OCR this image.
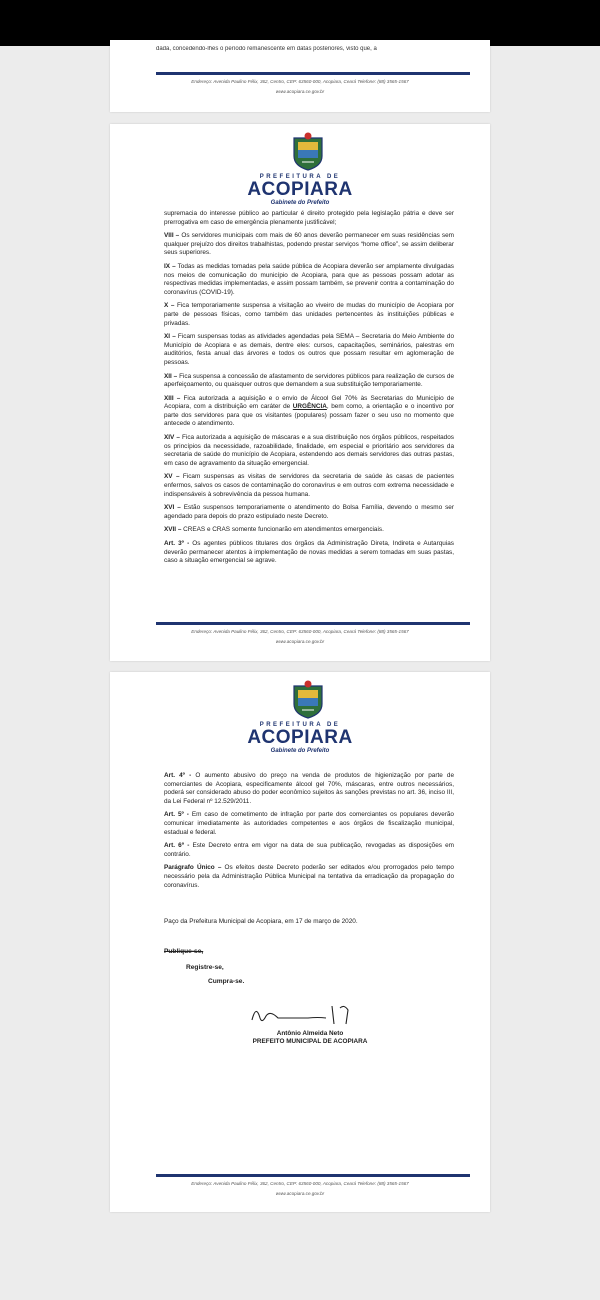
dada, concedendo-lhes o período remanescente em datas posteriores, visto que, a
Endereço: Avenida Paulino Félix, 362, Centro, CEP: 63560-000, Acopiara, Ceará Telefone: (88) 3565-1567
www.acopiara.ce.gov.br
PREFEITURA DE
ACOPIARA
Gabinete do Prefeito

supremacia do interesse público ao particular é direito protegido pela legislação pátria e deve ser prerrogativa em caso de emergência plenamente justificável;

VIII – Os servidores municipais com mais de 60 anos deverão permanecer em suas residências sem qualquer prejuízo dos direitos trabalhistas, podendo prestar serviços “home office”, se assim deliberar seus superiores.

IX – Todas as medidas tomadas pela saúde pública de Acopiara deverão ser amplamente divulgadas nos meios de comunicação do município de Acopiara, para que as pessoas possam adotar as respectivas medidas implementadas, e assim possam também, se prevenir contra a contaminação do coronavírus (COVID-19).

X – Fica temporariamente suspensa a visitação ao viveiro de mudas do município de Acopiara por parte de pessoas físicas, como também das unidades pertencentes às instituições públicas e privadas.

XI – Ficam suspensas todas as atividades agendadas pela SEMA – Secretaria do Meio Ambiente do Município de Acopiara e as demais, dentre eles: cursos, capacitações, seminários, palestras em auditórios, festa anual das árvores e todos os outros que possam resultar em aglomeração de pessoas.

XII – Fica suspensa a concessão de afastamento de servidores públicos para realização de cursos de aperfeiçoamento, ou quaisquer outros que demandem a sua substituição temporariamente.

XIII – Fica autorizada a aquisição e o envio de Álcool Gel 70% às Secretarias do Município de Acopiara, com a distribuição em caráter de URGÊNCIA, bem como, a orientação e o incentivo por parte dos servidores para que os visitantes (populares) possam fazer o seu uso no momento que antecede o atendimento.

XIV – Fica autorizada a aquisição de máscaras e a sua distribuição nos órgãos públicos, respeitados os princípios da necessidade, razoabilidade, finalidade, em especial e prioritário aos servidores da secretaria de saúde do município de Acopiara, estendendo aos demais servidores das outras pastas, em caso de agravamento da situação emergencial.

XV – Ficam suspensas as visitas de servidores da secretaria de saúde às casas de pacientes enfermos, salvos os casos de contaminação do coronavírus e em outros com extrema necessidade e indispensáveis à sobrevivência da pessoa humana.

XVI – Estão suspensos temporariamente o atendimento do Bolsa Família, devendo o mesmo ser agendado para depois do prazo estipulado neste Decreto.

XVII – CREAS e CRAS somente funcionarão em atendimentos emergenciais.

Art. 3º - Os agentes públicos titulares dos órgãos da Administração Direta, Indireta e Autarquias deverão permanecer atentos à implementação de novas medidas a serem tomadas em suas pastas, caso a situação emergencial se agrave.

Endereço: Avenida Paulino Félix, 362, Centro, CEP: 63560-000, Acopiara, Ceará Telefone: (88) 3565-1567
www.acopiara.ce.gov.br
PREFEITURA DE
ACOPIARA
Gabinete do Prefeito

Art. 4º - O aumento abusivo do preço na venda de produtos de higienização por parte de comerciantes de Acopiara, especificamente álcool gel 70%, máscaras, entre outros necessários, poderá ser considerado abuso do poder econômico sujeitos às sanções previstas no art. 36, inciso III, da Lei Federal nº 12.529/2011.

Art. 5º - Em caso de cometimento de infração por parte dos comerciantes os populares deverão comunicar imediatamente às autoridades competentes e aos órgãos de fiscalização municipal, estadual e federal.

Art. 6º - Este Decreto entra em vigor na data de sua publicação, revogadas as disposições em contrário.

Parágrafo Único – Os efeitos deste Decreto poderão ser editados e/ou prorrogados pelo tempo necessário pela da Administração Pública Municipal na tentativa da erradicação da propagação do coronavírus.

Paço da Prefeitura Municipal de Acopiara, em 17 de março de 2020.
Publique-se,
Registre-se,
Cumpra-se.
Antônio Almeida Neto
PREFEITO MUNICIPAL DE ACOPIARA
Endereço: Avenida Paulino Félix, 362, Centro, CEP: 63560-000, Acopiara, Ceará Telefone: (88) 3565-1567
www.acopiara.ce.gov.br
